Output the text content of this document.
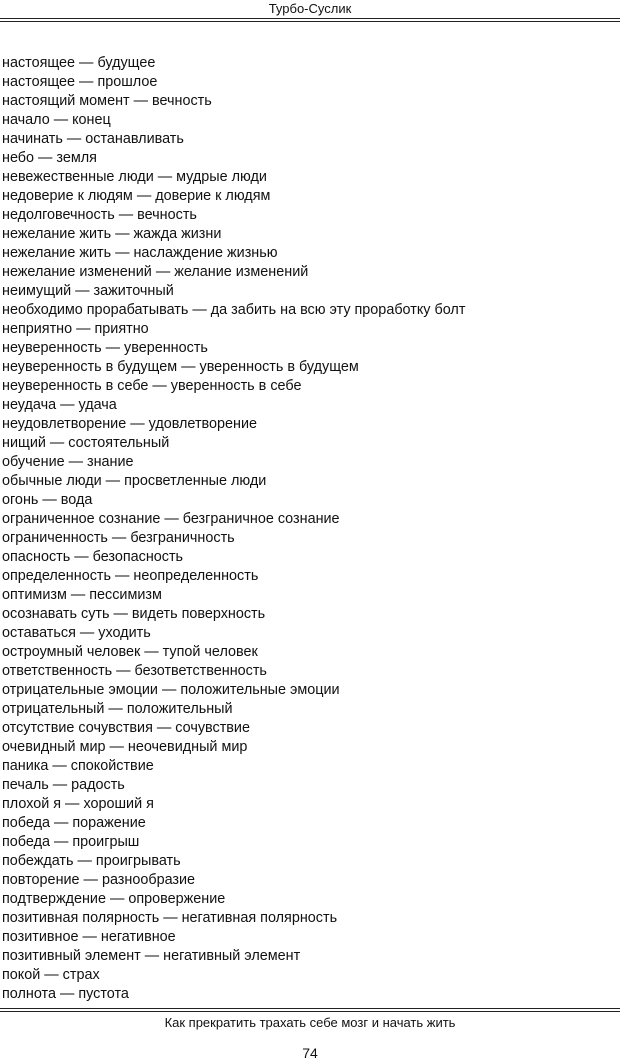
Турбо-Суслик
настоящее — будущее
настоящее — прошлое
настоящий момент — вечность
начало — конец
начинать — останавливать
небо — земля
невежественные люди — мудрые люди
недоверие к людям — доверие к людям
недолговечность — вечность
нежелание жить — жажда жизни
нежелание жить — наслаждение жизнью
нежелание изменений — желание изменений
неимущий — зажиточный
необходимо прорабатывать — да забить на всю эту проработку болт
неприятно — приятно
неуверенность — уверенность
неуверенность в будущем — уверенность в будущем
неуверенность в себе — уверенность в себе
неудача — удача
неудовлетворение — удовлетворение
нищий — состоятельный
обучение — знание
обычные люди — просветленные люди
огонь — вода
ограниченное сознание — безграничное сознание
ограниченность — безграничность
опасность — безопасность
определенность — неопределенность
оптимизм — пессимизм
осознавать суть — видеть поверхность
оставаться — уходить
остроумный человек — тупой человек
ответственность — безответственность
отрицательные эмоции — положительные эмоции
отрицательный — положительный
отсутствие сочувствия — сочувствие
очевидный мир — неочевидный мир
паника — спокойствие
печаль — радость
плохой я — хороший я
победа — поражение
победа — проигрыш
побеждать — проигрывать
повторение — разнообразие
подтверждение — опровержение
позитивная полярность — негативная полярность
позитивное — негативное
позитивный элемент — негативный элемент
покой — страх
полнота — пустота
Как прекратить трахать себе мозг и начать жить
74
